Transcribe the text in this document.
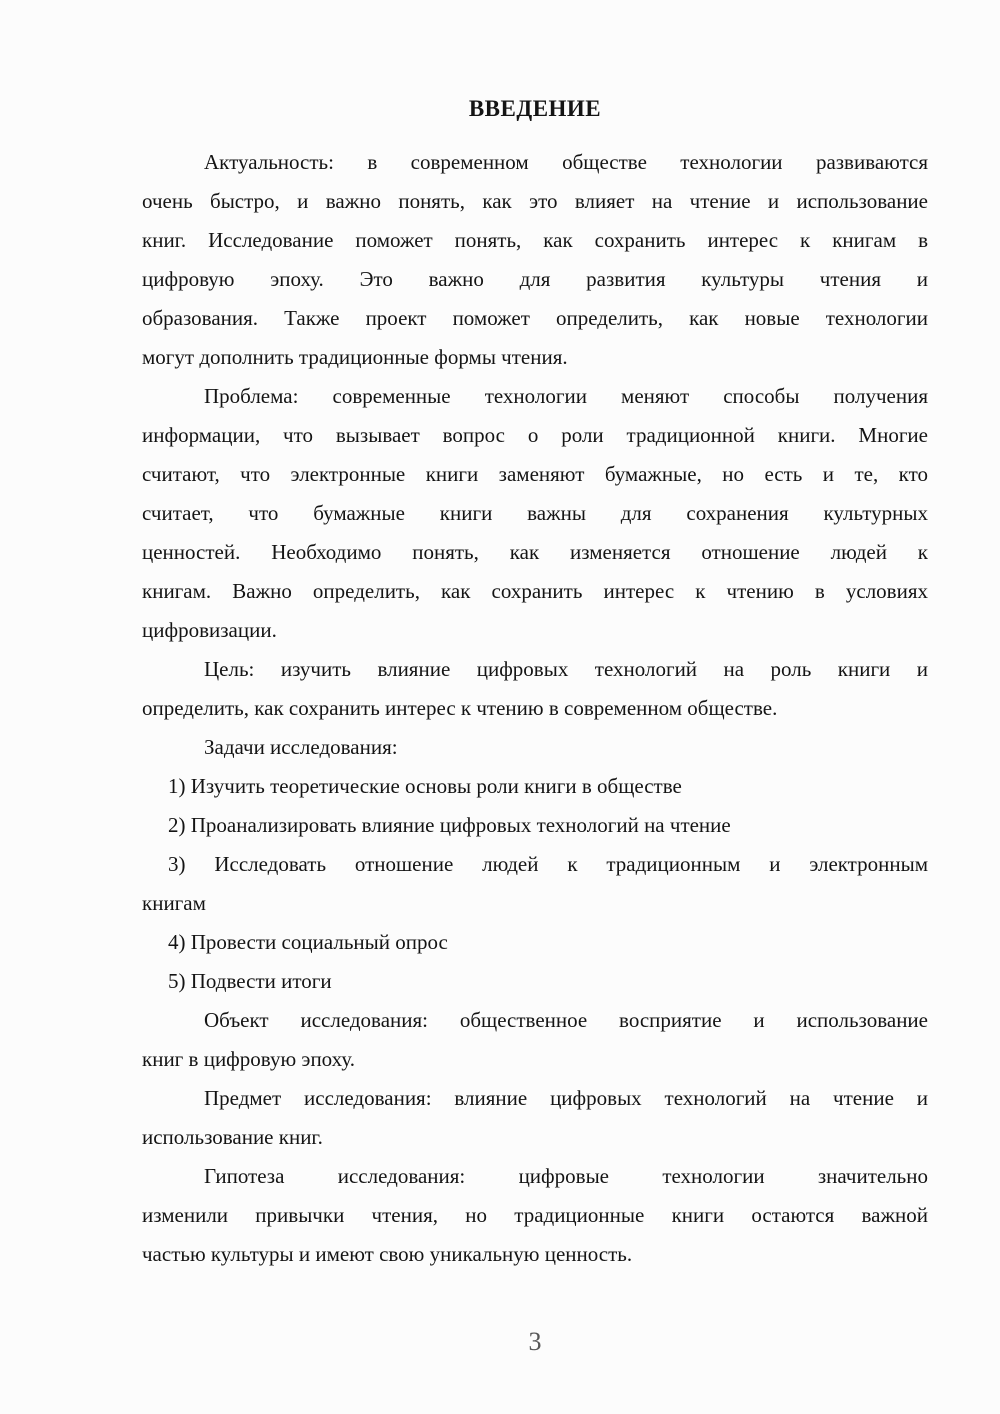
ВВЕДЕНИЕ
Актуальность: в современном обществе технологии развиваются
очень быстро, и важно понять, как это влияет на чтение и использование
книг. Исследование поможет понять, как сохранить интерес к книгам в
цифровую эпоху. Это важно для развития культуры чтения и
образования. Также проект поможет определить, как новые технологии
могут дополнить традиционные формы чтения.
Проблема: современные технологии меняют способы получения
информации, что вызывает вопрос о роли традиционной книги. Многие
считают, что электронные книги заменяют бумажные, но есть и те, кто
считает, что бумажные книги важны для сохранения культурных
ценностей. Необходимо понять, как изменяется отношение людей к
книгам. Важно определить, как сохранить интерес к чтению в условиях
цифровизации.
Цель: изучить влияние цифровых технологий на роль книги и
определить, как сохранить интерес к чтению в современном обществе.
Задачи исследования:
1) Изучить теоретические основы роли книги в обществе
2) Проанализировать влияние цифровых технологий на чтение
3) Исследовать отношение людей к традиционным и электронным
книгам
4) Провести социальный опрос
5) Подвести итоги
Объект исследования: общественное восприятие и использование
книг в цифровую эпоху.
Предмет исследования: влияние цифровых технологий на чтение и
использование книг.
Гипотеза исследования: цифровые технологии значительно
изменили привычки чтения, но традиционные книги остаются важной
частью культуры и имеют свою уникальную ценность.
3
